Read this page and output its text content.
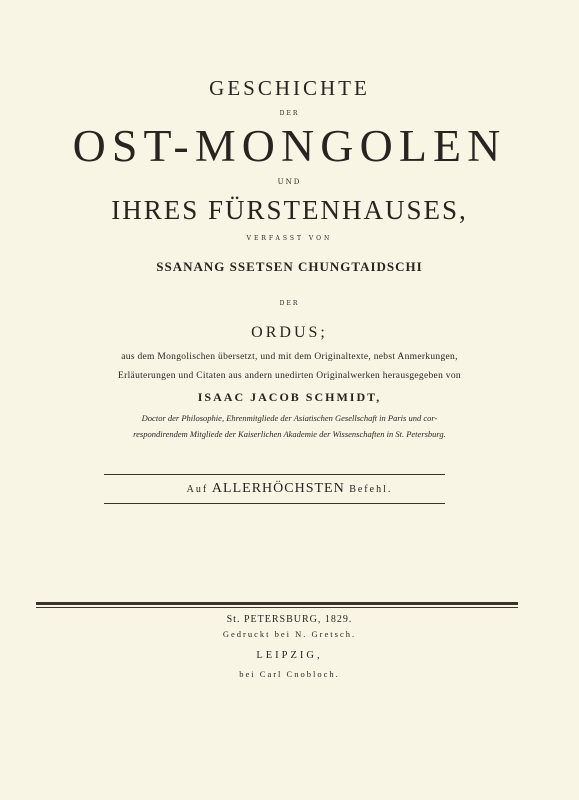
GESCHICHTE
DER
OST-MONGOLEN
UND
IHRES FÜRSTENHAUSES,
VERFASST VON
SSANANG SSETSEN CHUNGTAIDSCHI
DER
ORDUS;
aus dem Mongolischen übersetzt, und mit dem Originaltexte, nebst Anmerkungen,
Erläuterungen und Citaten aus andern unedirten Originalwerken herausgegeben von
ISAAC JACOB SCHMIDT,
Doctor der Philosophie, Ehrenmitgliede der Asiatischen Gesellschaft in Paris und cor-
respondirendem Mitgliede der Kaiserlichen Akademie der Wissenschaften in St. Petersburg.
Auf ALLERHÖCHSTEN Befehl.
St. PETERSBURG, 1829.
Gedruckt bei N. Gretsch.
LEIPZIG,
bei Carl Cnobloch.
